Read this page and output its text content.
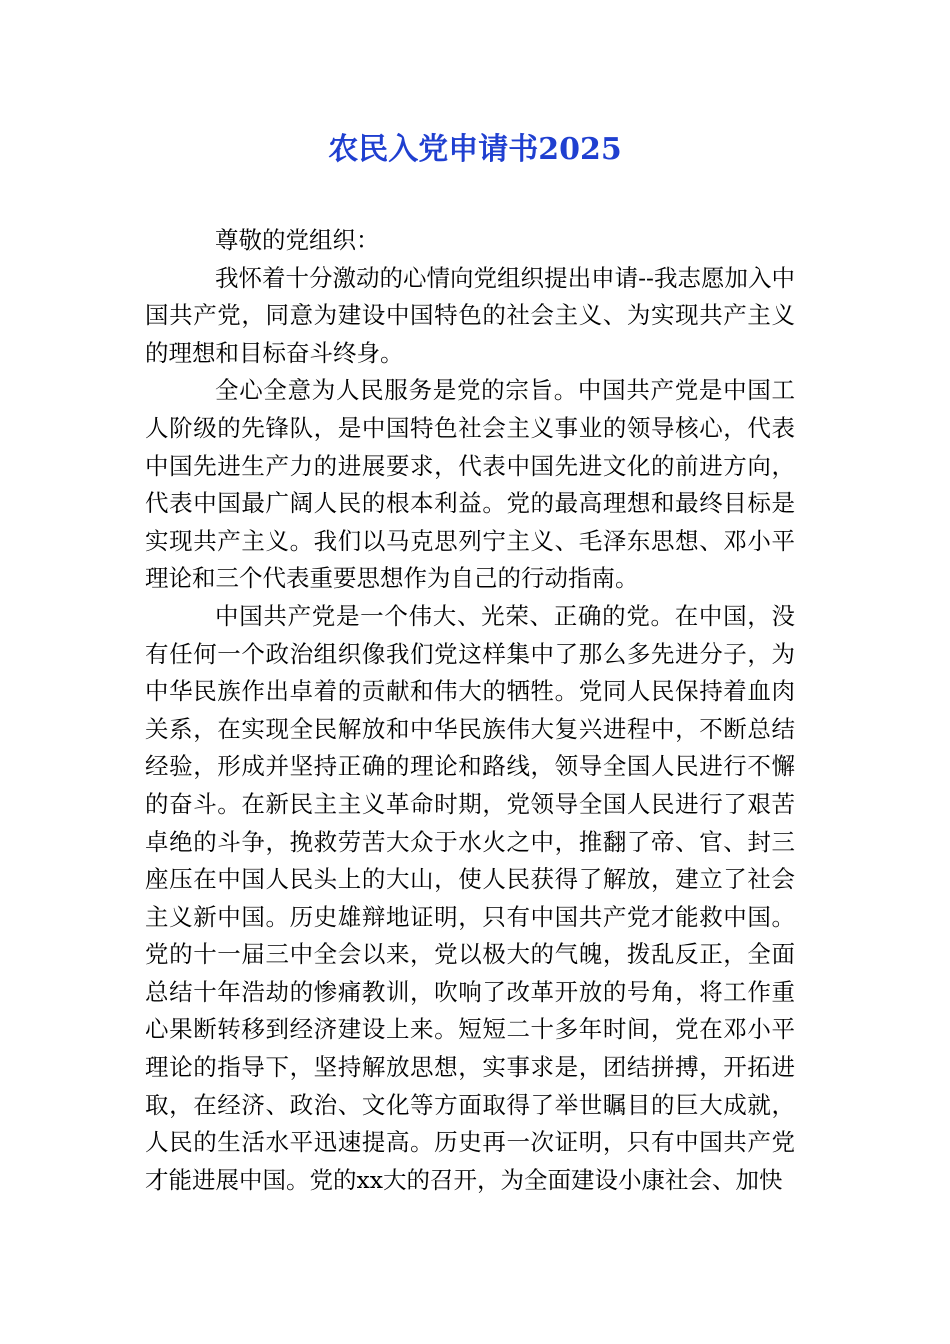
农民入党申请书2025

尊敬的党组织：

我怀着十分激动的心情向党组织提出申请--我志愿加入中国共产党，同意为建设中国特色的社会主义、为实现共产主义的理想和目标奋斗终身。

全心全意为人民服务是党的宗旨。中国共产党是中国工人阶级的先锋队，是中国特色社会主义事业的领导核心，代表中国先进生产力的进展要求，代表中国先进文化的前进方向，代表中国最广阔人民的根本利益。党的最高理想和最终目标是实现共产主义。我们以马克思列宁主义、毛泽东思想、邓小平理论和三个代表重要思想作为自己的行动指南。

中国共产党是一个伟大、光荣、正确的党。在中国，没有任何一个政治组织像我们党这样集中了那么多先进分子，为中华民族作出卓着的贡献和伟大的牺牲。党同人民保持着血肉关系，在实现全民解放和中华民族伟大复兴进程中，不断总结经验，形成并坚持正确的理论和路线，领导全国人民进行不懈的奋斗。在新民主主义革命时期，党领导全国人民进行了艰苦卓绝的斗争，挽救劳苦大众于水火之中，推翻了帝、官、封三座压在中国人民头上的大山，使人民获得了解放，建立了社会主义新中国。历史雄辩地证明，只有中国共产党才能救中国。党的十一届三中全会以来，党以极大的气魄，拨乱反正，全面总结十年浩劫的惨痛教训，吹响了改革开放的号角，将工作重心果断转移到经济建设上来。短短二十多年时间，党在邓小平理论的指导下，坚持解放思想，实事求是，团结拼搏，开拓进取，在经济、政治、文化等方面取得了举世瞩目的巨大成就，人民的生活水平迅速提高。历史再一次证明，只有中国共产党才能进展中国。党的xx大的召开，为全面建设小康社会、加快
